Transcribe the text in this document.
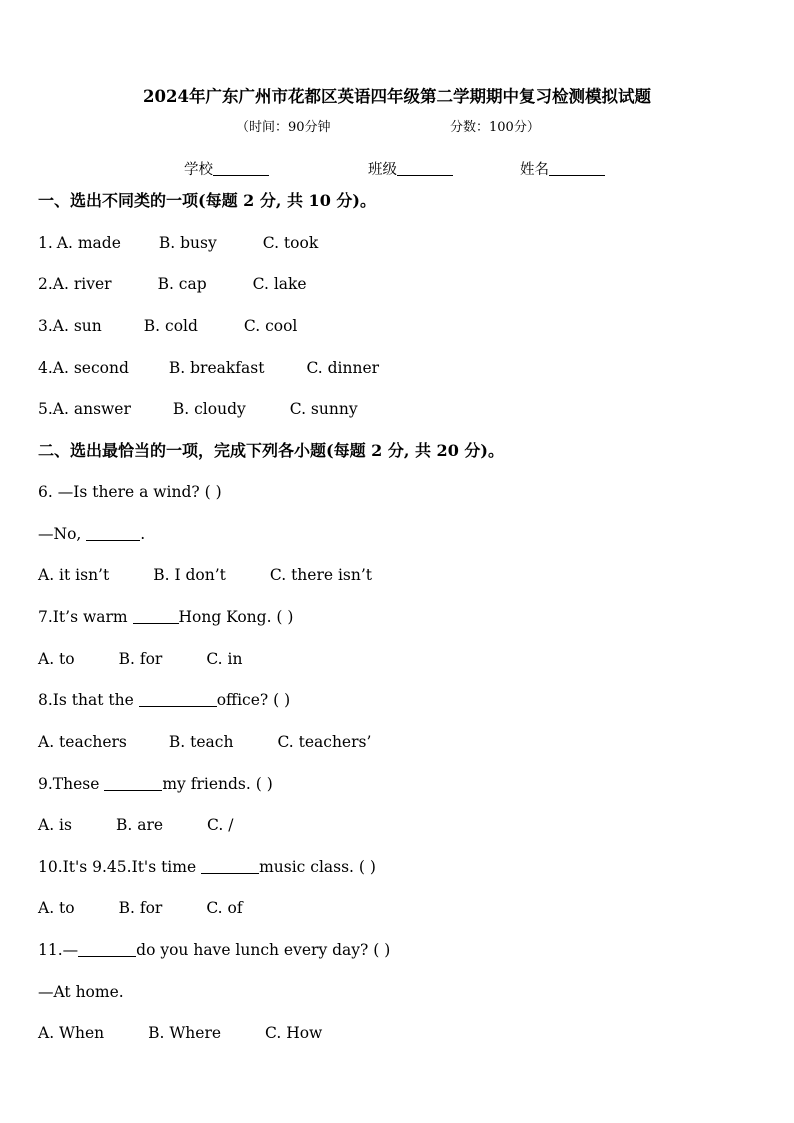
2024年广东广州市花都区英语四年级第二学期期中复习检测模拟试题
（时间：90分钟	分数：100分）
学校	班级	姓名
一、选出不同类的一项(每题 2 分, 共 10 分)。
1. A. made B. busy	C. took
2.A. river	B. cap	C. lake
3.A. sun	B. cold	C. cool
4.A. second	B. breakfast	C. dinner
5.A. answer	B. cloudy	C. sunny
二、选出最恰当的一项，完成下列各小题(每题 2 分, 共 20 分)。
6. —Is there a wind? ( )
—No,	.
A. it isn’t	B. I don’t	C. there isn’t
7.It’s warm	Hong Kong. ( )
A. to	B. for	C. in
8.Is that the	office? ( )
A. teachers	B. teach	C. teachers’
9.These	my friends. ( )
A. is	B. are	C. /
10.It's 9.45.It's time	music class. ( )
A. to	B. for	C. of
11.—	do you have lunch every day? ( )
—At home.
A. When	B. Where	C. How
